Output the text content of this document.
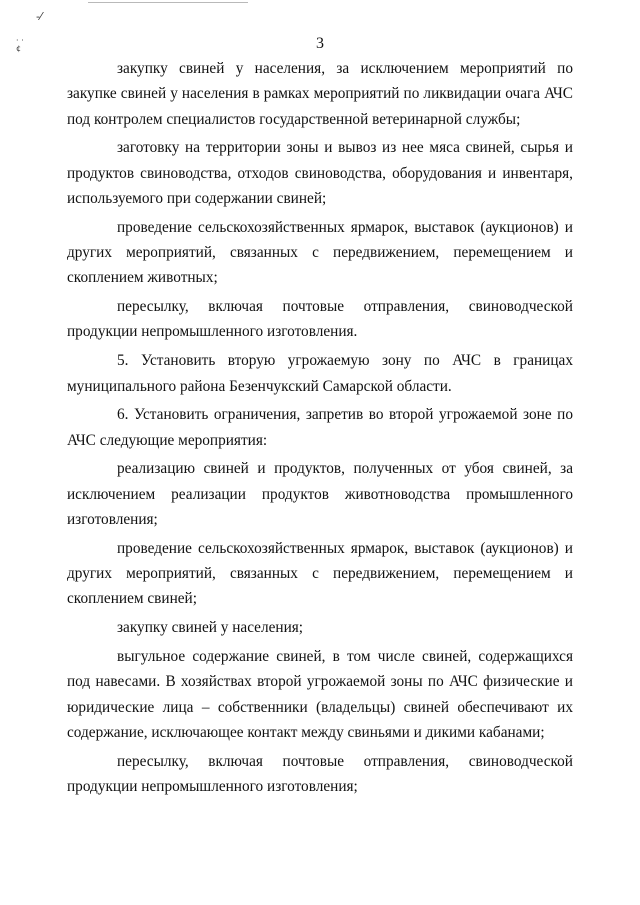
-⁄
· ·
¢	3

закупку свиней у населения, за исключением мероприятий по закупке свиней у населения в рамках мероприятий по ликвидации очага АЧС под контролем специалистов государственной ветеринарной службы;

заготовку на территории зоны и вывоз из нее мяса свиней, сырья и продуктов свиноводства, отходов свиноводства, оборудования и инвентаря, используемого при содержании свиней;

проведение сельскохозяйственных ярмарок, выставок (аукционов) и других мероприятий, связанных с передвижением, перемещением и скоплением животных;

пересылку, включая почтовые отправления, свиноводческой продукции непромышленного изготовления.

5. Установить вторую угрожаемую зону по АЧС в границах муниципального района Безенчукский Самарской области.

6. Установить ограничения, запретив во второй угрожаемой зоне по АЧС следующие мероприятия:

реализацию свиней и продуктов, полученных от убоя свиней, за исключением реализации продуктов животноводства промышленного изготовления;

проведение сельскохозяйственных ярмарок, выставок (аукционов) и других мероприятий, связанных с передвижением, перемещением и скоплением свиней;

закупку свиней у населения;

выгульное содержание свиней, в том числе свиней, содержащихся под навесами. В хозяйствах второй угрожаемой зоны по АЧС физические и юридические лица – собственники (владельцы) свиней обеспечивают их содержание, исключающее контакт между свиньями и дикими кабанами;

пересылку, включая почтовые отправления, свиноводческой продукции непромышленного изготовления;
